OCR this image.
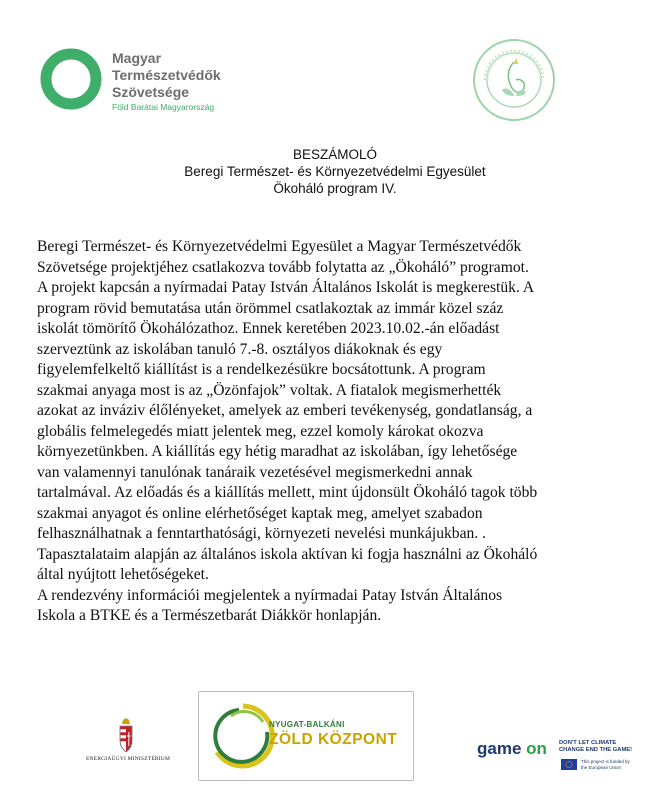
Magyar
Természetvédők
Szövetsége
Föld Barátai Magyarország
BESZÁMOLÓ
Beregi Természet- és Környezetvédelmi Egyesület
Ökoháló program IV.

Beregi Természet- és Környezetvédelmi Egyesület a Magyar Természetvédők
Szövetsége projektjéhez csatlakozva tovább folytatta az „Ökoháló” programot.
A projekt kapcsán a nyírmadai Patay István Általános Iskolát is megkerestük. A
program rövid bemutatása után örömmel csatlakoztak az immár közel száz
iskolát tömörítő Ökohálózathoz. Ennek keretében 2023.10.02.-án előadást
szerveztünk az iskolában tanuló 7.-8. osztályos diákoknak és egy
figyelemfelkeltő kiállítást is a rendelkezésükre bocsátottunk. A program
szakmai anyaga most is az „Özönfajok” voltak. A fiatalok megismerhették
azokat az inváziv élőlényeket, amelyek az emberi tevékenység, gondatlanság, a
globális felmelegedés miatt jelentek meg, ezzel komoly károkat okozva
környezetünkben. A kiállítás egy hétig maradhat az iskolában, így lehetősége
van valamennyi tanulónak tanáraik vezetésével megismerkedni annak
tartalmával. Az előadás és a kiállítás mellett, mint újdonsült Ökoháló tagok több
szakmai anyagot és online elérhetőséget kaptak meg, amelyet szabadon
felhasználhatnak a fenntarthatósági, környezeti nevelési munkájukban. .
Tapasztalataim alapján az általános iskola aktívan ki fogja használni az Ökoháló
által nyújtott lehetőségeket.
A rendezvény információi megjelentek a nyírmadai Patay István Általános
Iskola a BTKE és a Természetbarát Diákkör honlapján.

ENERGIAÜGYI MINISZTÉRIUM
NYUGAT-BALKÁNI
ZÖLD KÖZPONT	game on DON'T LET CLIMATE CHANGE END THE GAME!
This project is funded by the European Union
